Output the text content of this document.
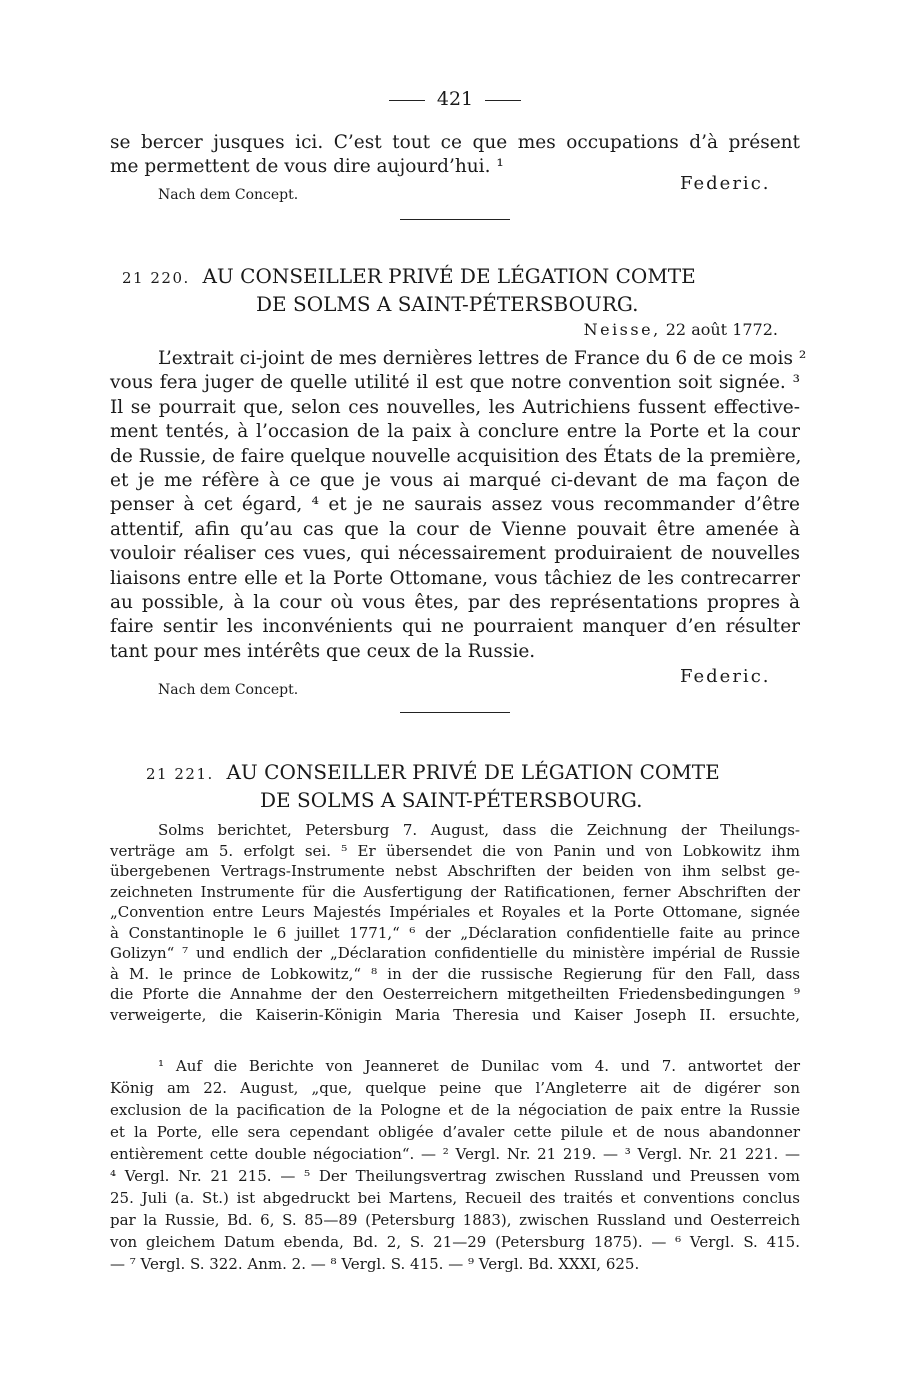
421
se bercer jusques ici. C’est tout ce que mes occupations d’à présent
me permettent de vous dire aujourd’hui. ¹
Federic.
Nach dem Concept.
21 220. AU CONSEILLER PRIVÉ DE LÉGATION COMTE
DE SOLMS A SAINT-PÉTERSBOURG.
Neisse, 22 août 1772.
L’extrait ci-joint de mes dernières lettres de France du 6 de ce mois ²
vous fera juger de quelle utilité il est que notre convention soit signée. ³
Il se pourrait que, selon ces nouvelles, les Autrichiens fussent effective-
ment tentés, à l’occasion de la paix à conclure entre la Porte et la cour
de Russie, de faire quelque nouvelle acquisition des États de la première,
et je me réfère à ce que je vous ai marqué ci-devant de ma façon de
penser à cet égard, ⁴ et je ne saurais assez vous recommander d’être
attentif, afin qu’au cas que la cour de Vienne pouvait être amenée à
vouloir réaliser ces vues, qui nécessairement produiraient de nouvelles
liaisons entre elle et la Porte Ottomane, vous tâchiez de les contrecarrer
au possible, à la cour où vous êtes, par des représentations propres à
faire sentir les inconvénients qui ne pourraient manquer d’en résulter
tant pour mes intérêts que ceux de la Russie.
Federic.
Nach dem Concept.
21 221. AU CONSEILLER PRIVÉ DE LÉGATION COMTE
DE SOLMS A SAINT-PÉTERSBOURG.
Solms berichtet, Petersburg 7. August, dass die Zeichnung der Theilungs-
verträge am 5. erfolgt sei. ⁵ Er übersendet die von Panin und von Lobkowitz ihm
übergebenen Vertrags-Instrumente nebst Abschriften der beiden von ihm selbst ge-
zeichneten Instrumente für die Ausfertigung der Ratificationen, ferner Abschriften der
„Convention entre Leurs Majestés Impériales et Royales et la Porte Ottomane, signée
à Constantinople le 6 juillet 1771,“ ⁶ der „Déclaration confidentielle faite au prince
Golizyn“ ⁷ und endlich der „Déclaration confidentielle du ministère impérial de Russie
à M. le prince de Lobkowitz,“ ⁸ in der die russische Regierung für den Fall, dass
die Pforte die Annahme der den Oesterreichern mitgetheilten Friedensbedingungen ⁹
verweigerte, die Kaiserin-Königin Maria Theresia und Kaiser Joseph II. ersuchte,
¹ Auf die Berichte von Jeanneret de Dunilac vom 4. und 7. antwortet der
König am 22. August, „que, quelque peine que l’Angleterre ait de digérer son
exclusion de la pacification de la Pologne et de la négociation de paix entre la Russie
et la Porte, elle sera cependant obligée d’avaler cette pilule et de nous abandonner
entièrement cette double négociation“. — ² Vergl. Nr. 21 219. — ³ Vergl. Nr. 21 221. —
⁴ Vergl. Nr. 21 215. — ⁵ Der Theilungsvertrag zwischen Russland und Preussen vom
25. Juli (a. St.) ist abgedruckt bei Martens, Recueil des traités et conventions conclus
par la Russie, Bd. 6, S. 85—89 (Petersburg 1883), zwischen Russland und Oesterreich
von gleichem Datum ebenda, Bd. 2, S. 21—29 (Petersburg 1875). — ⁶ Vergl. S. 415.
— ⁷ Vergl. S. 322. Anm. 2. — ⁸ Vergl. S. 415. — ⁹ Vergl. Bd. XXXI, 625.
